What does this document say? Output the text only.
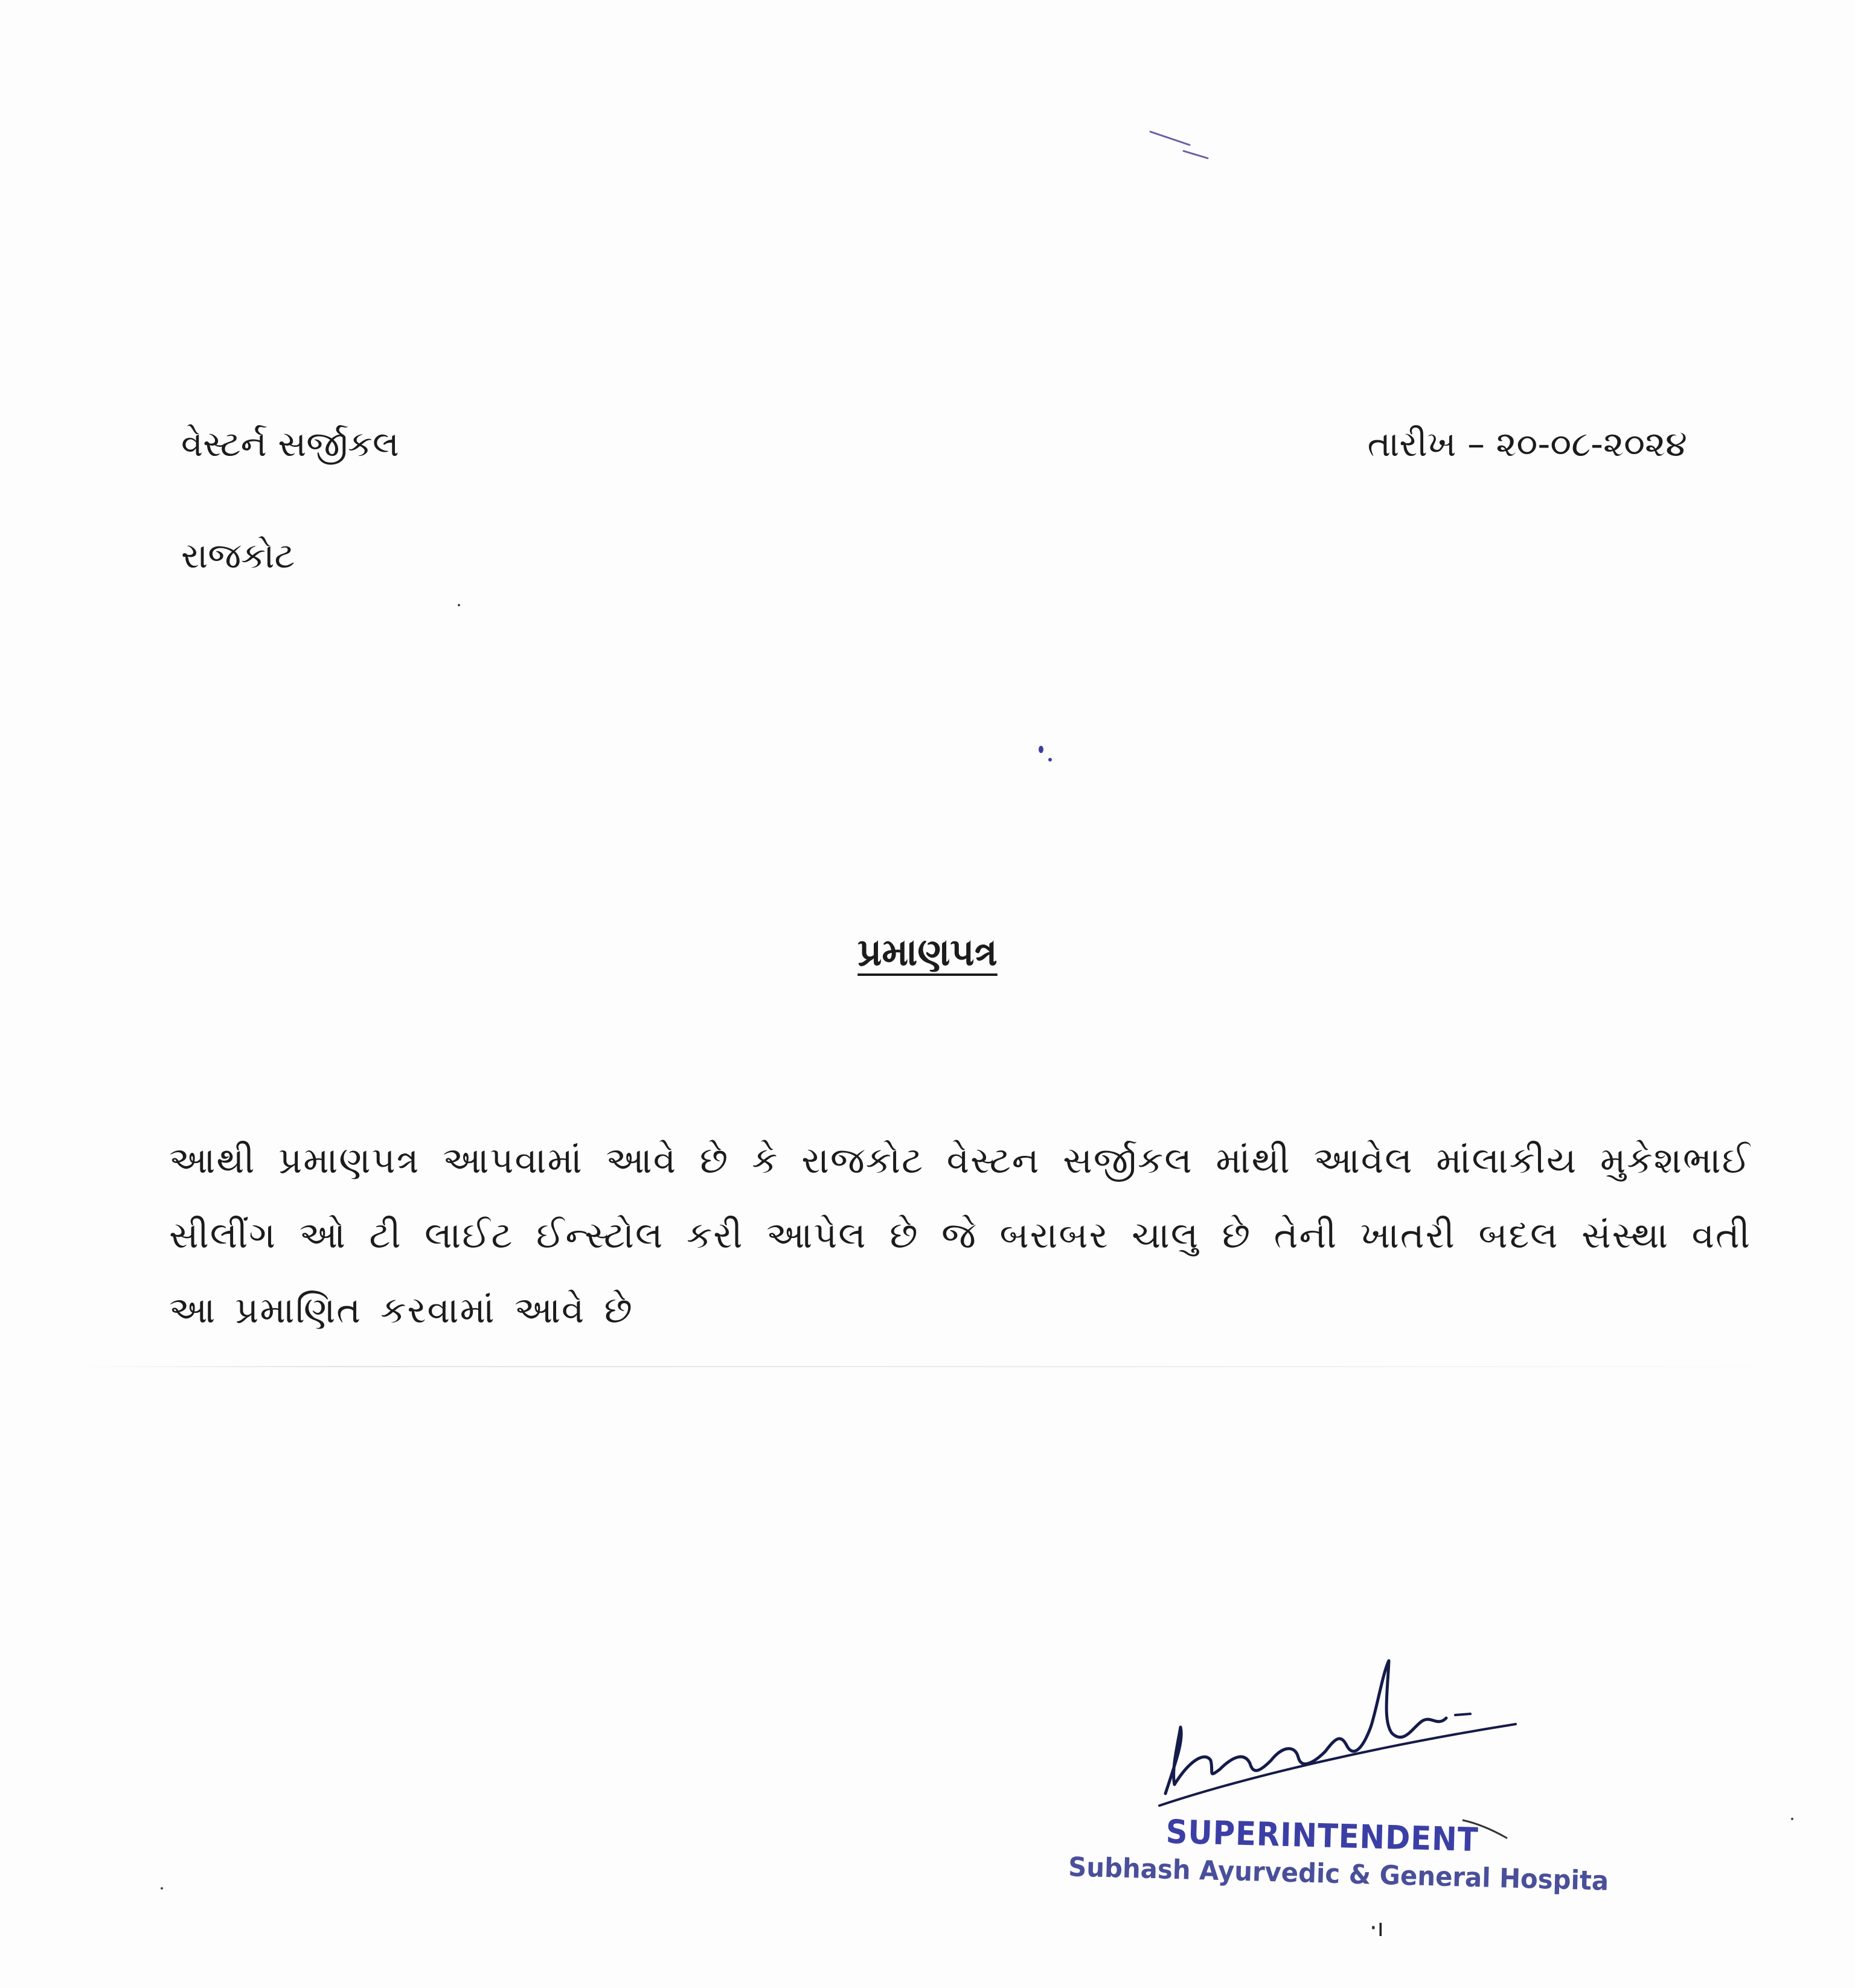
વેસ્ટર્ન સર્જીકલ
રાજકોટ
તારીખ – ૨૦-૦૮-૨૦૨૪
પ્રમાણપત્ર
આથી પ્રમાણપત્ર આપવામાં આવે છે કે રાજકોટ વેસ્ટન સર્જીકલ માંથી આવેલ માંલાકીય મુકેશભાઈ સીલીંગ ઓ ટી લાઈટ ઈન્સ્ટોલ કરી આપેલ છે જે બરાબર ચાલુ છે તેની ખાતરી બદલ સંસ્થા વતી આ પ્રમાણિત કરવામાં આવે છે
SUPERINTENDENT
Subhash Ayurvedic & General Hospita
·ı
